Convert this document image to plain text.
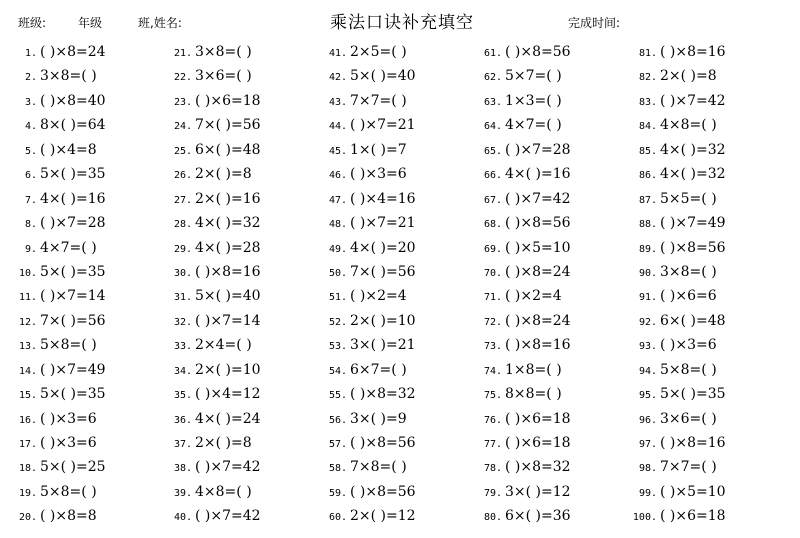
班级:	年级	班,姓名:	乘法口诀补充填空	完成时间:
1. ( )×8=24
2. 3×8=( )
3. ( )×8=40
4. 8×( )=64
5. ( )×4=8
6. 5×( )=35
7. 4×( )=16
8. ( )×7=28
9. 4×7=( )
10. 5×( )=35
11. ( )×7=14
12. 7×( )=56
13. 5×8=( )
14. ( )×7=49
15. 5×( )=35
16. ( )×3=6
17. ( )×3=6
18. 5×( )=25
19. 5×8=( )
20. ( )×8=8
21. 3×8=( )
22. 3×6=( )
23. ( )×6=18
24. 7×( )=56
25. 6×( )=48
26. 2×( )=8
27. 2×( )=16
28. 4×( )=32
29. 4×( )=28
30. ( )×8=16
31. 5×( )=40
32. ( )×7=14
33. 2×4=( )
34. 2×( )=10
35. ( )×4=12
36. 4×( )=24
37. 2×( )=8
38. ( )×7=42
39. 4×8=( )
40. ( )×7=42
41. 2×5=( )
42. 5×( )=40
43. 7×7=( )
44. ( )×7=21
45. 1×( )=7
46. ( )×3=6
47. ( )×4=16
48. ( )×7=21
49. 4×( )=20
50. 7×( )=56
51. ( )×2=4
52. 2×( )=10
53. 3×( )=21
54. 6×7=( )
55. ( )×8=32
56. 3×( )=9
57. ( )×8=56
58. 7×8=( )
59. ( )×8=56
60. 2×( )=12
61. ( )×8=56
62. 5×7=( )
63. 1×3=( )
64. 4×7=( )
65. ( )×7=28
66. 4×( )=16
67. ( )×7=42
68. ( )×8=56
69. ( )×5=10
70. ( )×8=24
71. ( )×2=4
72. ( )×8=24
73. ( )×8=16
74. 1×8=( )
75. 8×8=( )
76. ( )×6=18
77. ( )×6=18
78. ( )×8=32
79. 3×( )=12
80. 6×( )=36
81. ( )×8=16
82. 2×( )=8
83. ( )×7=42
84. 4×8=( )
85. 4×( )=32
86. 4×( )=32
87. 5×5=( )
88. ( )×7=49
89. ( )×8=56
90. 3×8=( )
91. ( )×6=6
92. 6×( )=48
93. ( )×3=6
94. 5×8=( )
95. 5×( )=35
96. 3×6=( )
97. ( )×8=16
98. 7×7=( )
99. ( )×5=10
100. ( )×6=18
